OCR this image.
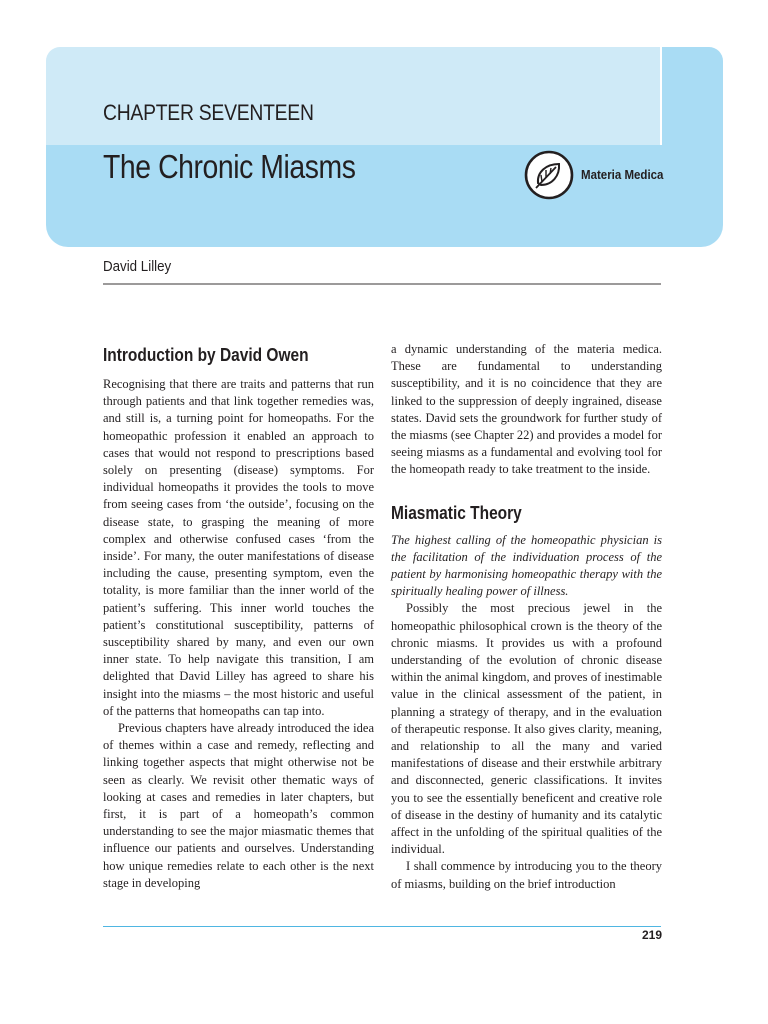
CHAPTER SEVENTEEN
The Chronic Miasms	Materia Medica
David Lilley
Introduction by David Owen

Recognising that there are traits and patterns that run through patients and that link together remedies was, and still is, a turning point for homeopaths. For the homeopathic profession it enabled an approach to cases that would not respond to prescriptions based solely on presenting (disease) symptoms. For individual homeopaths it provides the tools to move from seeing cases from ‘the outside’, focusing on the disease state, to grasping the meaning of more complex and otherwise confused cases ‘from the inside’. For many, the outer manifestations of disease including the cause, presenting symptom, even the totality, is more familiar than the inner world of the patient’s suffering. This inner world touches the patient’s constitutional susceptibility, patterns of susceptibility shared by many, and even our own inner state. To help navigate this transition, I am delighted that David Lilley has agreed to share his insight into the miasms – the most historic and useful of the patterns that homeopaths can tap into.

Previous chapters have already introduced the idea of themes within a case and remedy, reflecting and linking together aspects that might otherwise not be seen as clearly. We revisit other thematic ways of looking at cases and remedies in later chapters, but first, it is part of a homeopath’s common understanding to see the major miasmatic themes that influence our patients and ourselves. Understanding how unique remedies relate to each other is the next stage in developing

a dynamic understanding of the materia medica. These are fundamental to understanding susceptibility, and it is no coincidence that they are linked to the suppression of deeply ingrained, disease states. David sets the groundwork for further study of the miasms (see Chapter 22) and provides a model for seeing miasms as a fundamental and evolving tool for the homeopath ready to take treatment to the inside.

Miasmatic Theory

The highest calling of the homeopathic physician is the facilitation of the individuation process of the patient by harmonising homeopathic therapy with the spiritually healing power of illness.

Possibly the most precious jewel in the homeopathic philosophical crown is the theory of the chronic miasms. It provides us with a profound understanding of the evolution of chronic disease within the animal kingdom, and proves of inestimable value in the clinical assessment of the patient, in planning a strategy of therapy, and in the evaluation of therapeutic response. It also gives clarity, meaning, and relationship to all the many and varied manifestations of disease and their erstwhile arbitrary and disconnected, generic classifications. It invites you to see the essentially beneficent and creative role of disease in the destiny of humanity and its catalytic affect in the unfolding of the spiritual qualities of the individual.

I shall commence by introducing you to the theory of miasms, building on the brief introduction

219
